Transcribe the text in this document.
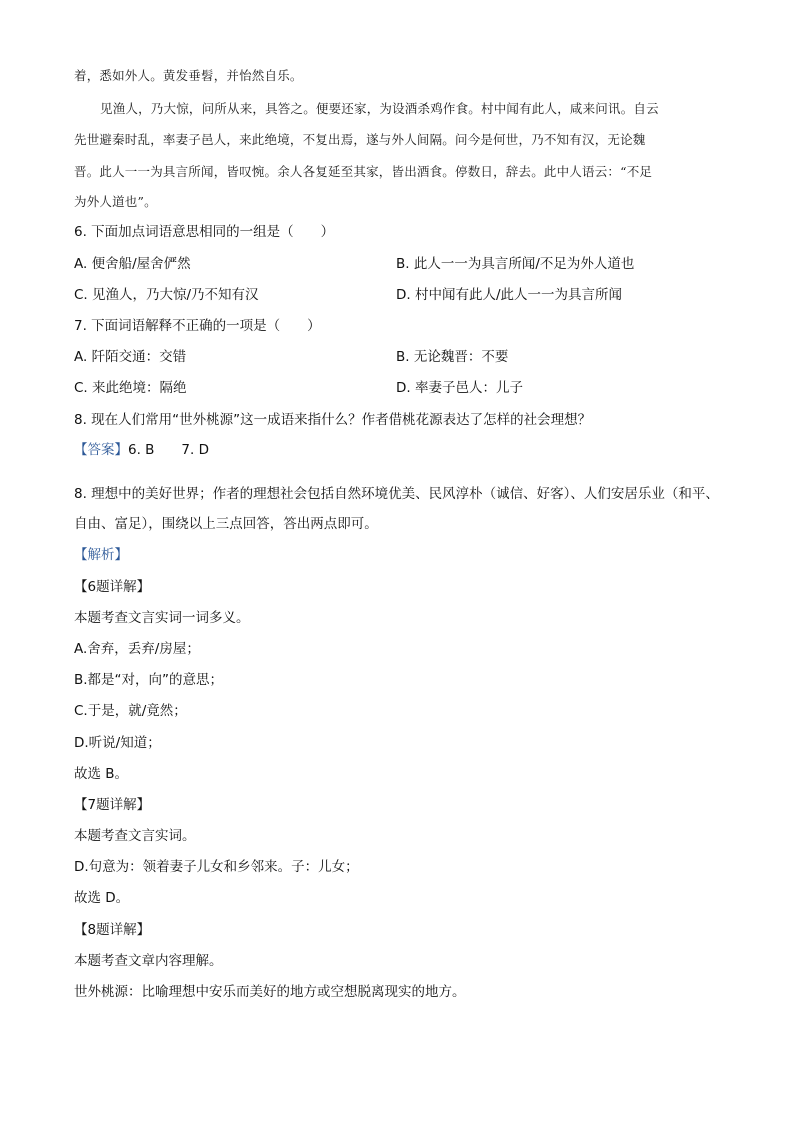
着，悉如外人。黄发垂髫，并怡然自乐。
见渔人，乃大惊，问所从来，具答之。便要还家，为设酒杀鸡作食。村中闻有此人，咸来问讯。自云
先世避秦时乱，率妻子邑人，来此绝境，不复出焉，遂与外人间隔。问今是何世，乃不知有汉，无论魏
晋。此人一一为具言所闻，皆叹惋。余人各复延至其家，皆出酒食。停数日，辞去。此中人语云：“不足
为外人道也”。
6. 下面加点词语意思相同的一组是（　　）
A. 便舍船/屋舍俨然	B. 此人一一为具言所闻/不足为外人道也
C. 见渔人，乃大惊/乃不知有汉	D. 村中闻有此人/此人一一为具言所闻
7. 下面词语解释不正确的一项是（　　）
A. 阡陌交通：交错	B. 无论魏晋：不要
C. 来此绝境：隔绝	D. 率妻子邑人：儿子
8. 现在人们常用“世外桃源”这一成语来指什么？作者借桃花源表达了怎样的社会理想？
【答案】6. B　　7. D
8. 理想中的美好世界；作者的理想社会包括自然环境优美、民风淳朴（诚信、好客）、人们安居乐业（和平、
自由、富足），围绕以上三点回答，答出两点即可。
【解析】
【6题详解】
本题考查文言实词一词多义。
A.舍弃，丢弃/房屋；
B.都是“对，向”的意思；
C.于是，就/竟然；
D.听说/知道；
故选 B。
【7题详解】
本题考查文言实词。
D.句意为：领着妻子儿女和乡邻来。子：儿女；
故选 D。
【8题详解】
本题考查文章内容理解。
世外桃源：比喻理想中安乐而美好的地方或空想脱离现实的地方。
